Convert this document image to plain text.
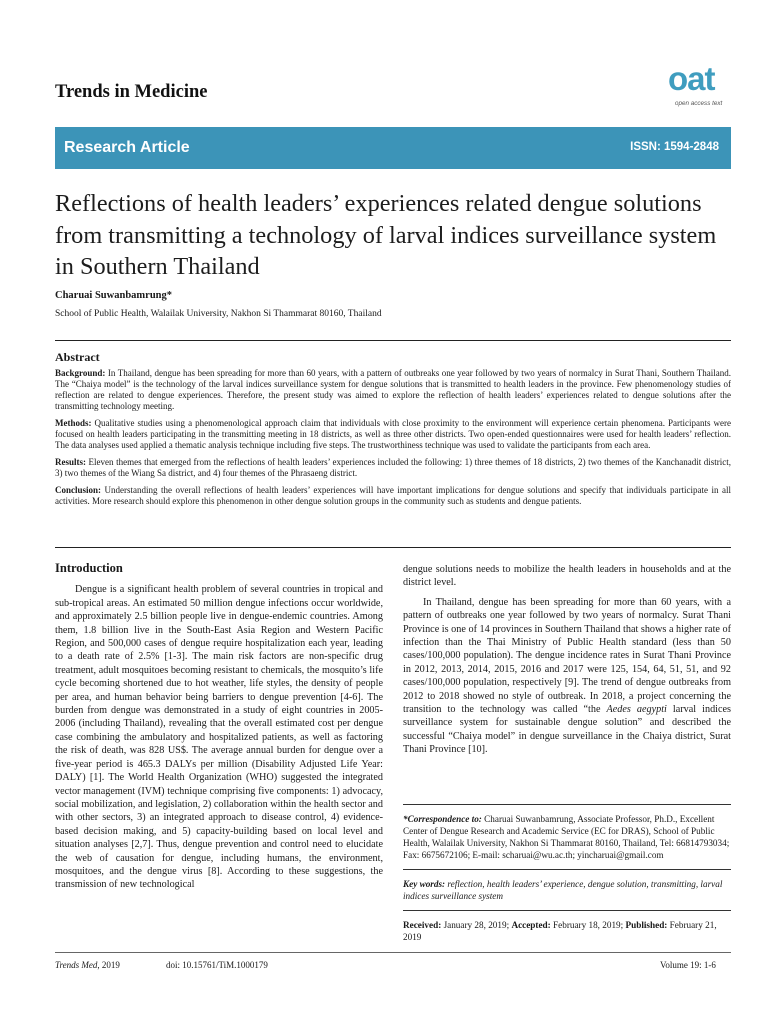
Trends in Medicine	oat
open access text
Research Article	ISSN: 1594-2848
Reflections of health leaders’ experiences related dengue solutions from transmitting a technology of larval indices surveillance system in Southern Thailand
Charuai Suwanbamrung*
School of Public Health, Walailak University, Nakhon Si Thammarat 80160, Thailand
Abstract

Background: In Thailand, dengue has been spreading for more than 60 years, with a pattern of outbreaks one year followed by two years of normalcy in Surat Thani, Southern Thailand. The “Chaiya model” is the technology of the larval indices surveillance system for dengue solutions that is transmitted to health leaders in the province. Few phenomenology studies of reflection are related to dengue experiences. Therefore, the present study was aimed to explore the reflection of health leaders’ experiences related to dengue solutions after the transmitting technology meeting.

Methods: Qualitative studies using a phenomenological approach claim that individuals with close proximity to the environment will experience certain phenomena. Participants were focused on health leaders participating in the transmitting meeting in 18 districts, as well as three other districts. Two open-ended questionnaires were used for health leaders’ reflection. The data analyses used applied a thematic analysis technique including five steps. The trustworthiness technique was used to validate the participants from each area.

Results: Eleven themes that emerged from the reflections of health leaders’ experiences included the following: 1) three themes of 18 districts, 2) two themes of the Kanchanadit district, 3) two themes of the Wiang Sa district, and 4) four themes of the Phrasaeng district.

Conclusion: Understanding the overall reflections of health leaders’ experiences will have important implications for dengue solutions and specify that individuals participate in all activities. More research should explore this phenomenon in other dengue solution groups in the community such as students and dengue patients.

Introduction

Dengue is a significant health problem of several countries in tropical and sub-tropical areas. An estimated 50 million dengue infections occur worldwide, and approximately 2.5 billion people live in dengue-endemic countries. Among them, 1.8 billion live in the South-East Asia Region and Western Pacific Region, and 500,000 cases of dengue require hospitalization each year, leading to a death rate of 2.5% [1-3]. The main risk factors are non-specific drug treatment, adult mosquitoes becoming resistant to chemicals, the mosquito’s life cycle becoming shortened due to hot weather, life styles, the density of people per area, and human behavior being barriers to dengue prevention [4-6]. The burden from dengue was demonstrated in a study of eight countries in 2005-2006 (including Thailand), revealing that the overall estimated cost per dengue case combining the ambulatory and hospitalized patients, as well as factoring the risk of death, was 828 US$. The average annual burden for dengue over a five-year period is 465.3 DALYs per million (Disability Adjusted Life Year: DALY) [1]. The World Health Organization (WHO) suggested the integrated vector management (IVM) technique comprising five components: 1) advocacy, social mobilization, and legislation, 2) collaboration within the health sector and with other sectors, 3) an integrated approach to disease control, 4) evidence-based decision making, and 5) capacity-building based on local level and situation analyses [2,7]. Thus, dengue prevention and control need to elucidate the web of causation for dengue, including humans, the environment, mosquitoes, and the dengue virus [8]. According to these suggestions, the transmission of new technological

dengue solutions needs to mobilize the health leaders in households and at the district level.

In Thailand, dengue has been spreading for more than 60 years, with a pattern of outbreaks one year followed by two years of normalcy. Surat Thani Province is one of 14 provinces in Southern Thailand that shows a higher rate of infection than the Thai Ministry of Public Health standard (less than 50 cases/100,000 population). The dengue incidence rates in Surat Thani Province in 2012, 2013, 2014, 2015, 2016 and 2017 were 125, 154, 64, 51, 51, and 92 cases/100,000 population, respectively [9]. The trend of dengue outbreaks from 2012 to 2018 showed no style of outbreak. In 2018, a project concerning the transition to the technology was called “the Aedes aegypti larval indices surveillance system for sustainable dengue solution” and described the successful “Chaiya model” in dengue surveillance in the Chaiya district, Surat Thani Province [10].

*Correspondence to: Charuai Suwanbamrung, Associate Professor, Ph.D., Excellent Center of Dengue Research and Academic Service (EC for DRAS), School of Public Health, Walailak University, Nakhon Si Thammarat 80160, Thailand, Tel: 66814793034; Fax: 6675672106; E-mail: scharuai@wu.ac.th; yincharuai@gmail.com

Key words: reflection, health leaders’ experience, dengue solution, transmitting, larval indices surveillance system

Received: January 28, 2019; Accepted: February 18, 2019; Published: February 21, 2019

Trends Med, 2019	doi: 10.15761/TiM.1000179	Volume 19: 1-6
